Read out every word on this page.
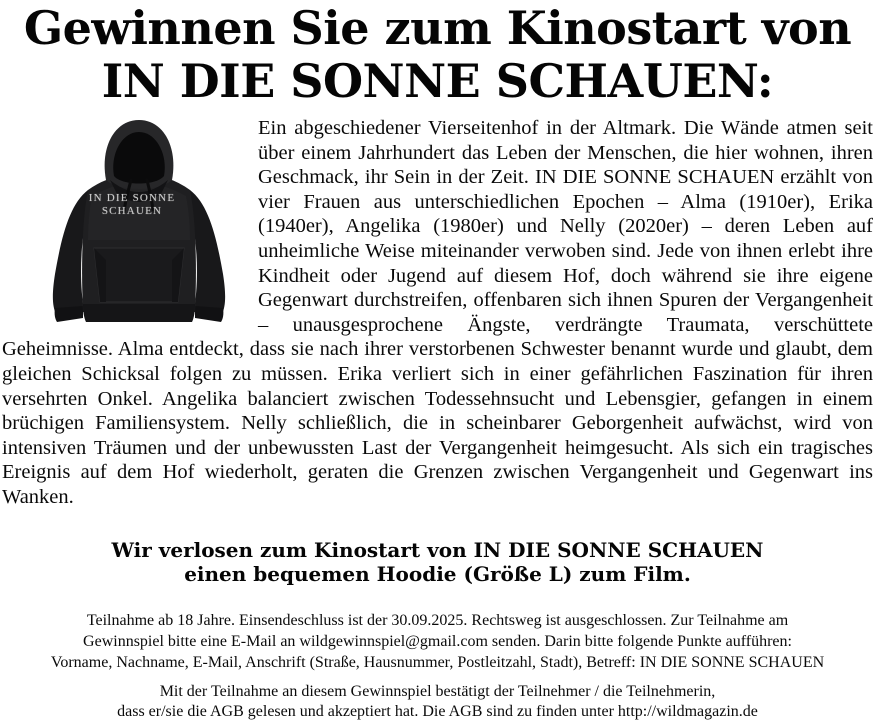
Gewinnen Sie zum Kinostart von
IN DIE SONNE SCHAUEN:
IN DIE SONNE
SCHAUEN

Ein abgeschiedener Vierseitenhof in der Altmark. Die Wände atmen seit über einem Jahrhundert das Leben der Menschen, die hier wohnen, ihren Geschmack, ihr Sein in der Zeit. IN DIE SONNE SCHAUEN erzählt von vier Frauen aus unterschiedlichen Epochen – Alma (1910er), Erika (1940er), Angelika (1980er) und Nelly (2020er) – deren Leben auf unheimliche Weise miteinander verwoben sind. Jede von ihnen erlebt ihre Kindheit oder Jugend auf diesem Hof, doch während sie ihre eigene Gegenwart durchstreifen, offenbaren sich ihnen Spuren der Vergangenheit – unausgesprochene Ängste, verdrängte Traumata, verschüttete Geheimnisse. Alma entdeckt, dass sie nach ihrer verstorbenen Schwester benannt wurde und glaubt, dem gleichen Schicksal folgen zu müssen. Erika verliert sich in einer gefährlichen Faszination für ihren versehrten Onkel. Angelika balanciert zwischen Todessehnsucht und Lebensgier, gefangen in einem brüchigen Familiensystem. Nelly schließlich, die in scheinbarer Geborgenheit aufwächst, wird von intensiven Träumen und der unbewussten Last der Vergangenheit heimgesucht. Als sich ein tragisches Ereignis auf dem Hof wiederholt, geraten die Grenzen zwischen Vergangenheit und Gegenwart ins Wanken.

Wir verlosen zum Kinostart von IN DIE SONNE SCHAUEN
einen bequemen Hoodie (Größe L) zum Film.
Teilnahme ab 18 Jahre. Einsendeschluss ist der 30.09.2025. Rechtsweg ist ausgeschlossen. Zur Teilnahme am
Gewinnspiel bitte eine E-Mail an wildgewinnspiel@gmail.com senden. Darin bitte folgende Punkte aufführen:
Vorname, Nachname, E-Mail, Anschrift (Straße, Hausnummer, Postleitzahl, Stadt), Betreff: IN DIE SONNE SCHAUEN
Mit der Teilnahme an diesem Gewinnspiel bestätigt der Teilnehmer / die Teilnehmerin,
dass er/sie die AGB gelesen und akzeptiert hat. Die AGB sind zu finden unter http://wildmagazin.de
